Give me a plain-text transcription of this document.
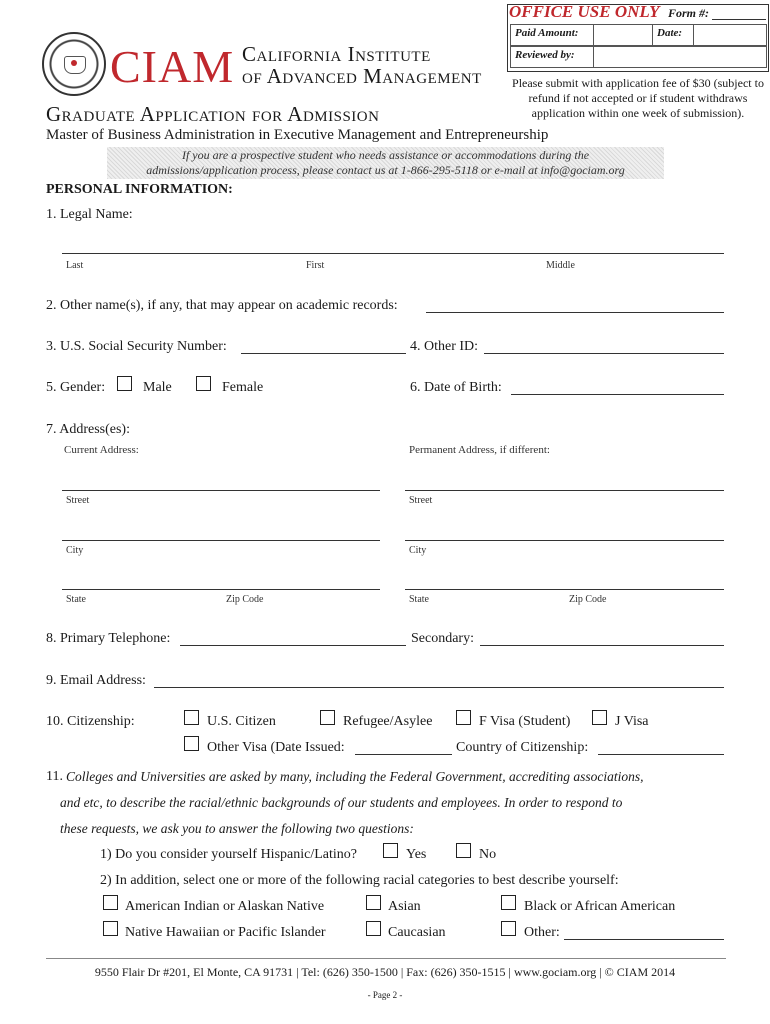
CIAM California Institute
of Advanced Management
Graduate Application for Admission
Master of Business Administration in Executive Management and Entrepreneurship
OFFICE USE ONLY Form #:
Paid Amount:	Date:
Reviewed by:
Please submit with application fee of $30 (subject to refund if not accepted or if student withdraws application within one week of submission).
If you are a prospective student who needs assistance or accommodations during the
admissions/application process, please contact us at 1-866-295-5118 or e-mail at info@gociam.org
PERSONAL INFORMATION:
1. Legal Name:
Last	First	Middle
2. Other name(s), if any, that may appear on academic records:
3. U.S. Social Security Number:	4. Other ID:
5. Gender:	Male	Female	6. Date of Birth:
7. Address(es):
Current Address:	Permanent Address, if different:
Street	Street
City	City
State	Zip Code	State	Zip Code
8. Primary Telephone:	Secondary:
9. Email Address:
10. Citizenship:	U.S. Citizen	Refugee/Asylee	F Visa (Student)	J Visa
Other Visa (Date Issued:	Country of Citizenship:
11. Colleges and Universities are asked by many, including the Federal Government, accrediting associations,
and etc, to describe the racial/ethnic backgrounds of our students and employees. In order to respond to
these requests, we ask you to answer the following two questions:
1) Do you consider yourself Hispanic/Latino?	Yes	No
2) In addition, select one or more of the following racial categories to best describe yourself:
American Indian or Alaskan Native	Asian	Black or African American
Native Hawaiian or Pacific Islander	Caucasian	Other:
9550 Flair Dr #201, El Monte, CA 91731 | Tel: (626) 350-1500 | Fax: (626) 350-1515 | www.gociam.org | © CIAM 2014
- Page 2 -
